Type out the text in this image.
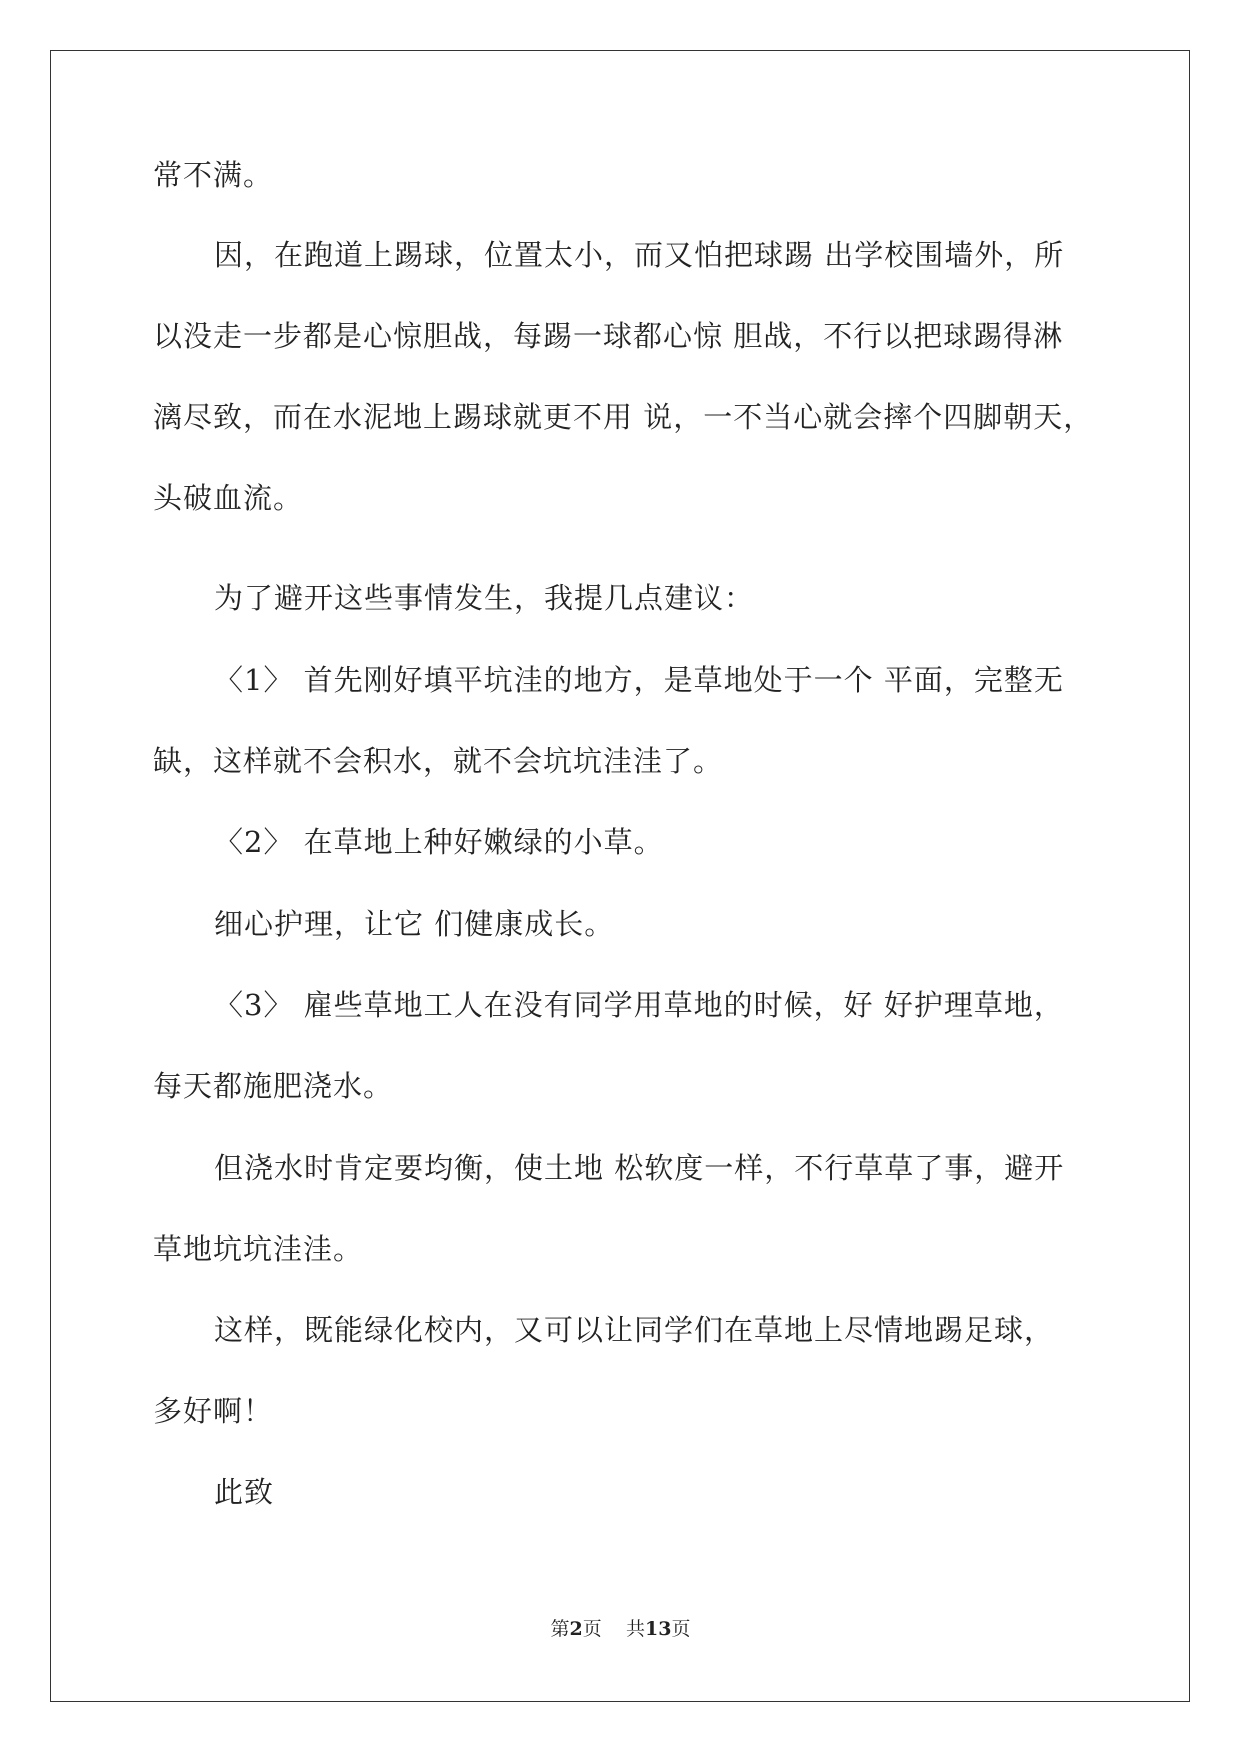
常不满。
因，在跑道上踢球，位置太小，而又怕把球踢 出学校围墙外，所
以没走一步都是心惊胆战，每踢一球都心惊 胆战，不行以把球踢得淋
漓尽致，而在水泥地上踢球就更不用 说，一不当心就会摔个四脚朝天，
头破血流。
为了避开这些事情发生，我提几点建议：
〈1〉 首先刚好填平坑洼的地方，是草地处于一个 平面，完整无
缺，这样就不会积水，就不会坑坑洼洼了。
〈2〉 在草地上种好嫩绿的小草。
细心护理，让它 们健康成长。
〈3〉 雇些草地工人在没有同学用草地的时候，好 好护理草地，
每天都施肥浇水。
但浇水时肯定要均衡，使土地 松软度一样，不行草草了事，避开
草地坑坑洼洼。
这样，既能绿化校内，又可以让同学们在草地上尽情地踢足球，
多好啊！
此致
第2页 共13页
